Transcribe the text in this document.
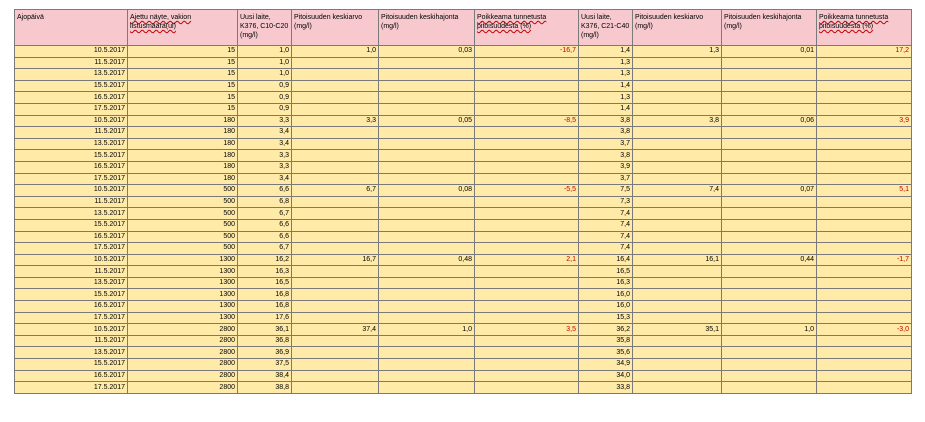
Ajopäivä	Ajettu näyte, vakion listusmäärä(ul)	Uusi laite, K376, C10-C20 (mg/l)	Pitoisuuden keskiarvo (mg/l)	Pitoisuuden keskihajonta (mg/l)	Poikkeama tunnetusta pitoisuudesta (%)	Uusi laite, K376, C21-C40 (mg/l)	Pitoisuuden keskiarvo (mg/l)	Pitoisuuden keskihajonta (mg/l)	Poikkeama tunnetusta pitoisuudesta (%)
10.5.2017	15	1,0	1,0	0,03	-16,7	1,4	1,3	0,01	17,2
11.5.2017	15	1,0				1,3			
13.5.2017	15	1,0				1,3			
15.5.2017	15	0,9				1,4			
16.5.2017	15	0,9				1,3			
17.5.2017	15	0,9				1,4			
10.5.2017	180	3,3	3,3	0,05	-8,5	3,8	3,8	0,06	3,9
11.5.2017	180	3,4				3,8			
13.5.2017	180	3,4				3,7			
15.5.2017	180	3,3				3,8			
16.5.2017	180	3,3				3,9			
17.5.2017	180	3,4				3,7			
10.5.2017	500	6,6	6,7	0,08	-5,5	7,5	7,4	0,07	5,1
11.5.2017	500	6,8				7,3			
13.5.2017	500	6,7				7,4			
15.5.2017	500	6,6				7,4			
16.5.2017	500	6,6				7,4			
17.5.2017	500	6,7				7,4			
10.5.2017	1300	16,2	16,7	0,48	2,1	16,4	16,1	0,44	-1,7
11.5.2017	1300	16,3				16,5			
13.5.2017	1300	16,5				16,3			
15.5.2017	1300	16,8				16,0			
16.5.2017	1300	16,8				16,0			
17.5.2017	1300	17,6				15,3			
10.5.2017	2800	36,1	37,4	1,0	3,5	36,2	35,1	1,0	-3,0
11.5.2017	2800	36,8				35,8			
13.5.2017	2800	36,9				35,6			
15.5.2017	2800	37,5				34,9			
16.5.2017	2800	38,4				34,0			
17.5.2017	2800	38,8				33,8			
